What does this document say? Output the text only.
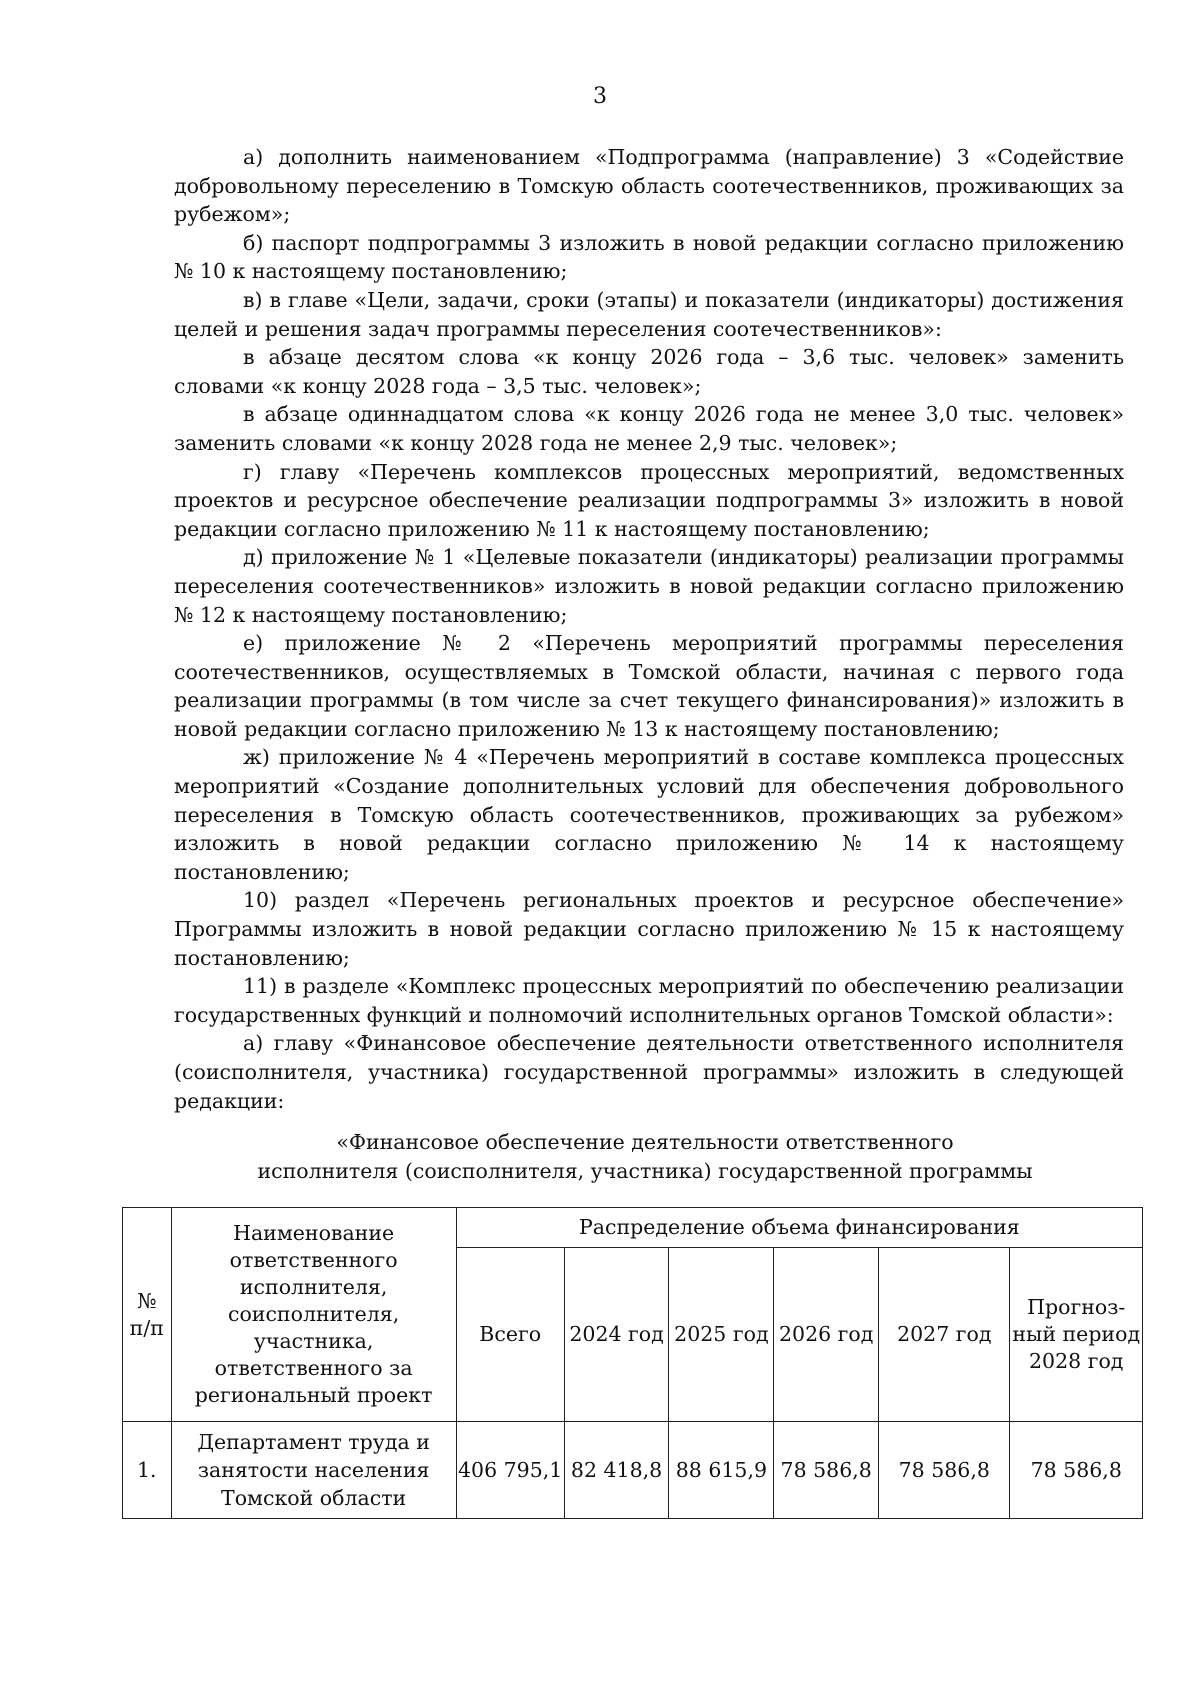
3

а) дополнить наименованием «Подпрограмма (направление) 3 «Содействие добровольному переселению в Томскую область соотечественников, проживающих за рубежом»;

б) паспорт подпрограммы 3 изложить в новой редакции согласно приложению № 10 к настоящему постановлению;

в) в главе «Цели, задачи, сроки (этапы) и показатели (индикаторы) достижения целей и решения задач программы переселения соотечественников»:

в абзаце десятом слова «к концу 2026 года – 3,6 тыс. человек» заменить словами «к концу 2028 года – 3,5 тыс. человек»;

в абзаце одиннадцатом слова «к концу 2026 года не менее 3,0 тыс. человек» заменить словами «к концу 2028 года не менее 2,9 тыс. человек»;

г) главу «Перечень комплексов процессных мероприятий, ведомственных проектов и ресурсное обеспечение реализации подпрограммы 3» изложить в новой редакции согласно приложению № 11 к настоящему постановлению;

д) приложение № 1 «Целевые показатели (индикаторы) реализации программы переселения соотечественников» изложить в новой редакции согласно приложению № 12 к настоящему постановлению;

е) приложение № 2 «Перечень мероприятий программы переселения соотечественников, осуществляемых в Томской области, начиная с первого года реализации программы (в том числе за счет текущего финансирования)» изложить в новой редакции согласно приложению № 13 к настоящему постановлению;

ж) приложение № 4 «Перечень мероприятий в составе комплекса процессных мероприятий «Создание дополнительных условий для обеспечения добровольного переселения в Томскую область соотечественников, проживающих за рубежом» изложить в новой редакции согласно приложению № 14 к настоящему постановлению;

10) раздел «Перечень региональных проектов и ресурсное обеспечение» Программы изложить в новой редакции согласно приложению № 15 к настоящему постановлению;

11) в разделе «Комплекс процессных мероприятий по обеспечению реализации государственных функций и полномочий исполнительных органов Томской области»:

а) главу «Финансовое обеспечение деятельности ответственного исполнителя (соисполнителя, участника) государственной программы» изложить в следующей редакции:

«Финансовое обеспечение деятельности ответственного
исполнителя (соисполнителя, участника) государственной программы
№ п/п	Наименование ответственного исполнителя, соисполнителя, участника, ответственного за региональный проект	Распределение объема финансирования					
		Всего	2024 год	2025 год	2026 год	2027 год	Прогноз-ный период 2028 год
1.	Департамент труда и занятости населения Томской области	406 795,1	82 418,8	88 615,9	78 586,8	78 586,8	78 586,8
